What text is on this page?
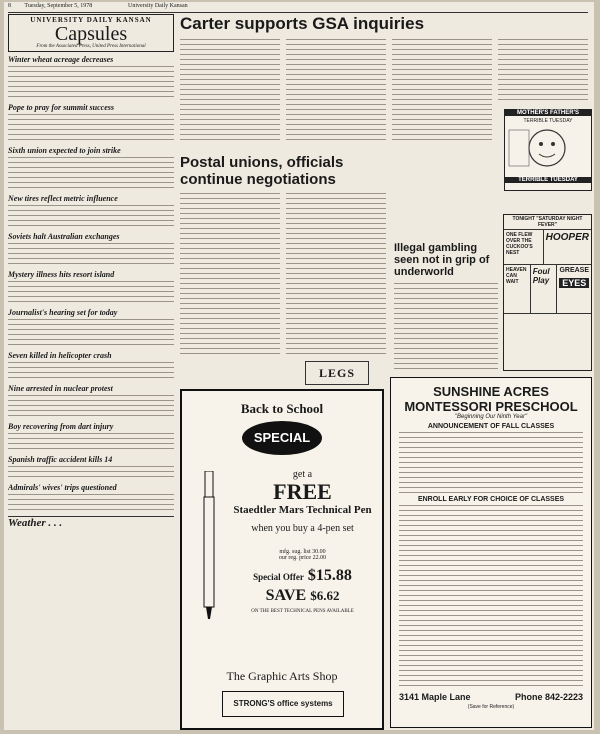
8 Tuesday, September 5, 1978	University Daily Kansan
UNIVERSITY DAILY KANSAN
Capsules
From the Associated Press, United Press International
Winter wheat acreage decreases
Pope to pray for summit success
Sixth union expected to join strike
New tires reflect metric influence
Soviets halt Australian exchanges
Mystery illness hits resort island
Journalist's hearing set for today
Seven killed in helicopter crash
Nine arrested in nuclear protest
Boy recovering from dart injury
Spanish traffic accident kills 14
Admirals' wives' trips questioned
Weather . . .
Carter supports GSA inquiries
MOTHER'S FATHER'S
TERRIBLE TUESDAY
TERRIBLE TUESDAY
Postal unions, officials continue negotiations
Illegal gambling seen not in grip of underworld
TONIGHT "SATURDAY NIGHT FEVER"
ONE FLEW OVER THE CUCKOO'S NEST
HOOPER
HEAVEN CAN WAIT
Foul Play
GREASE
EYES
LEGS
Back to School
SPECIAL
get a
FREE
Staedtler Mars Technical Pen
when you buy a 4-pen set
mfg. sug. list 30.00
our reg. price 22.00
Special Offer $15.88
SAVE $6.62
ON THE BEST TECHNICAL PENS AVAILABLE
The Graphic Arts Shop
STRONG'S office systems
SUNSHINE ACRES MONTESSORI PRESCHOOL
"Beginning Our Ninth Year"
ANNOUNCEMENT OF FALL CLASSES

ENROLL EARLY FOR CHOICE OF CLASSES

3141 Maple Lane	Phone 842-2223
(Save for Reference)
